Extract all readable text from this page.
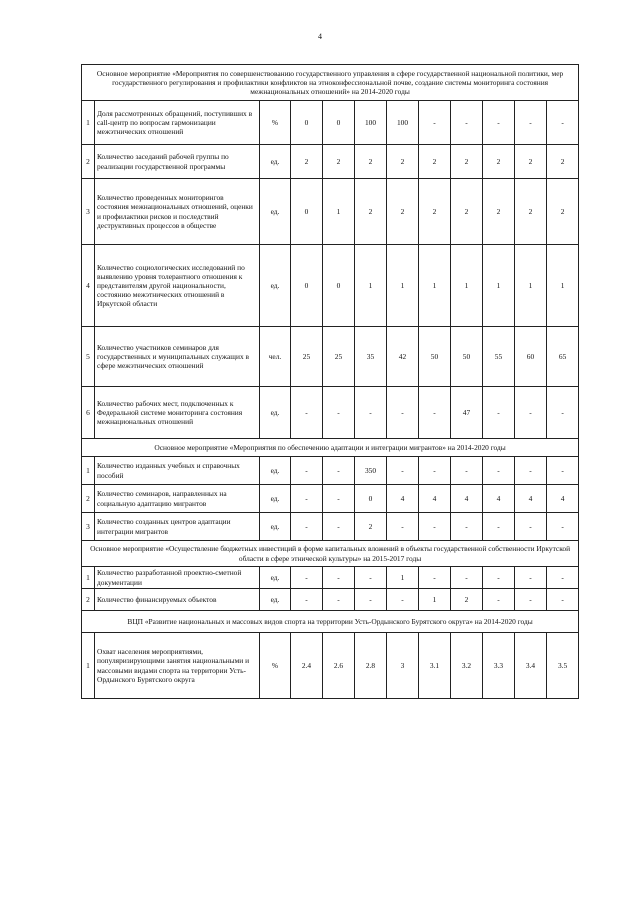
4
Основное мероприятие «Мероприятия по совершенствованию государственного управления в сфере государственной национальной политики, мер государственного регулирования и профилактики конфликтов на этноконфессиональной почве, создание системы мониторинга состояния межнациональных отношений» на 2014-2020 годы											
1	Доля рассмотренных обращений, поступивших в call-центр по вопросам гармонизации межэтнических отношений	%	0	0	100	100	-	-	-	-	-
2	Количество заседаний рабочей группы по реализации государственной программы	ед.	2	2	2	2	2	2	2	2	2
3	Количество проведенных мониторингов состояния межнациональных отношений, оценки и профилактики рисков и последствий деструктивных процессов в обществе	ед.	0	1	2	2	2	2	2	2	2
4	Количество социологических исследований по выявлению уровня толерантного отношения к представителям другой национальности, состоянию межэтнических отношений в Иркутской области	ед.	0	0	1	1	1	1	1	1	1
5	Количество участников семинаров для государственных и муниципальных служащих в сфере межэтнических отношений	чел.	25	25	35	42	50	50	55	60	65
6	Количество рабочих мест, подключенных к Федеральной системе мониторинга состояния межнациональных отношений	ед.	-	-	-	-	-	47	-	-	-
Основное мероприятие «Мероприятия по обеспечению адаптации и интеграции мигрантов» на 2014-2020 годы											
1	Количество изданных учебных и справочных пособий	ед.	-	-	350	-	-	-	-	-	-
2	Количество семинаров, направленных на социальную адаптацию мигрантов	ед.	-	-	0	4	4	4	4	4	4
3	Количество созданных центров адаптации интеграции мигрантов	ед.	-	-	2	-	-	-	-	-	-
Основное мероприятие «Осуществление бюджетных инвестиций в форме капитальных вложений в объекты государственной собственности Иркутской области в сфере этнической культуры» на 2015-2017 годы											
1	Количество разработанной проектно-сметной документации	ед.	-	-	-	1	-	-	-	-	-
2	Количество финансируемых объектов	ед.	-	-	-	-	1	2	-	-	-
ВЦП «Развитие национальных и массовых видов спорта на территории Усть-Ордынского Бурятского округа» на 2014-2020 годы											
1	Охват населения мероприятиями, популяризирующими занятия национальными и массовыми видами спорта на территории Усть-Ордынского Бурятского округа	%	2.4	2.6	2.8	3	3.1	3.2	3.3	3.4	3.5
